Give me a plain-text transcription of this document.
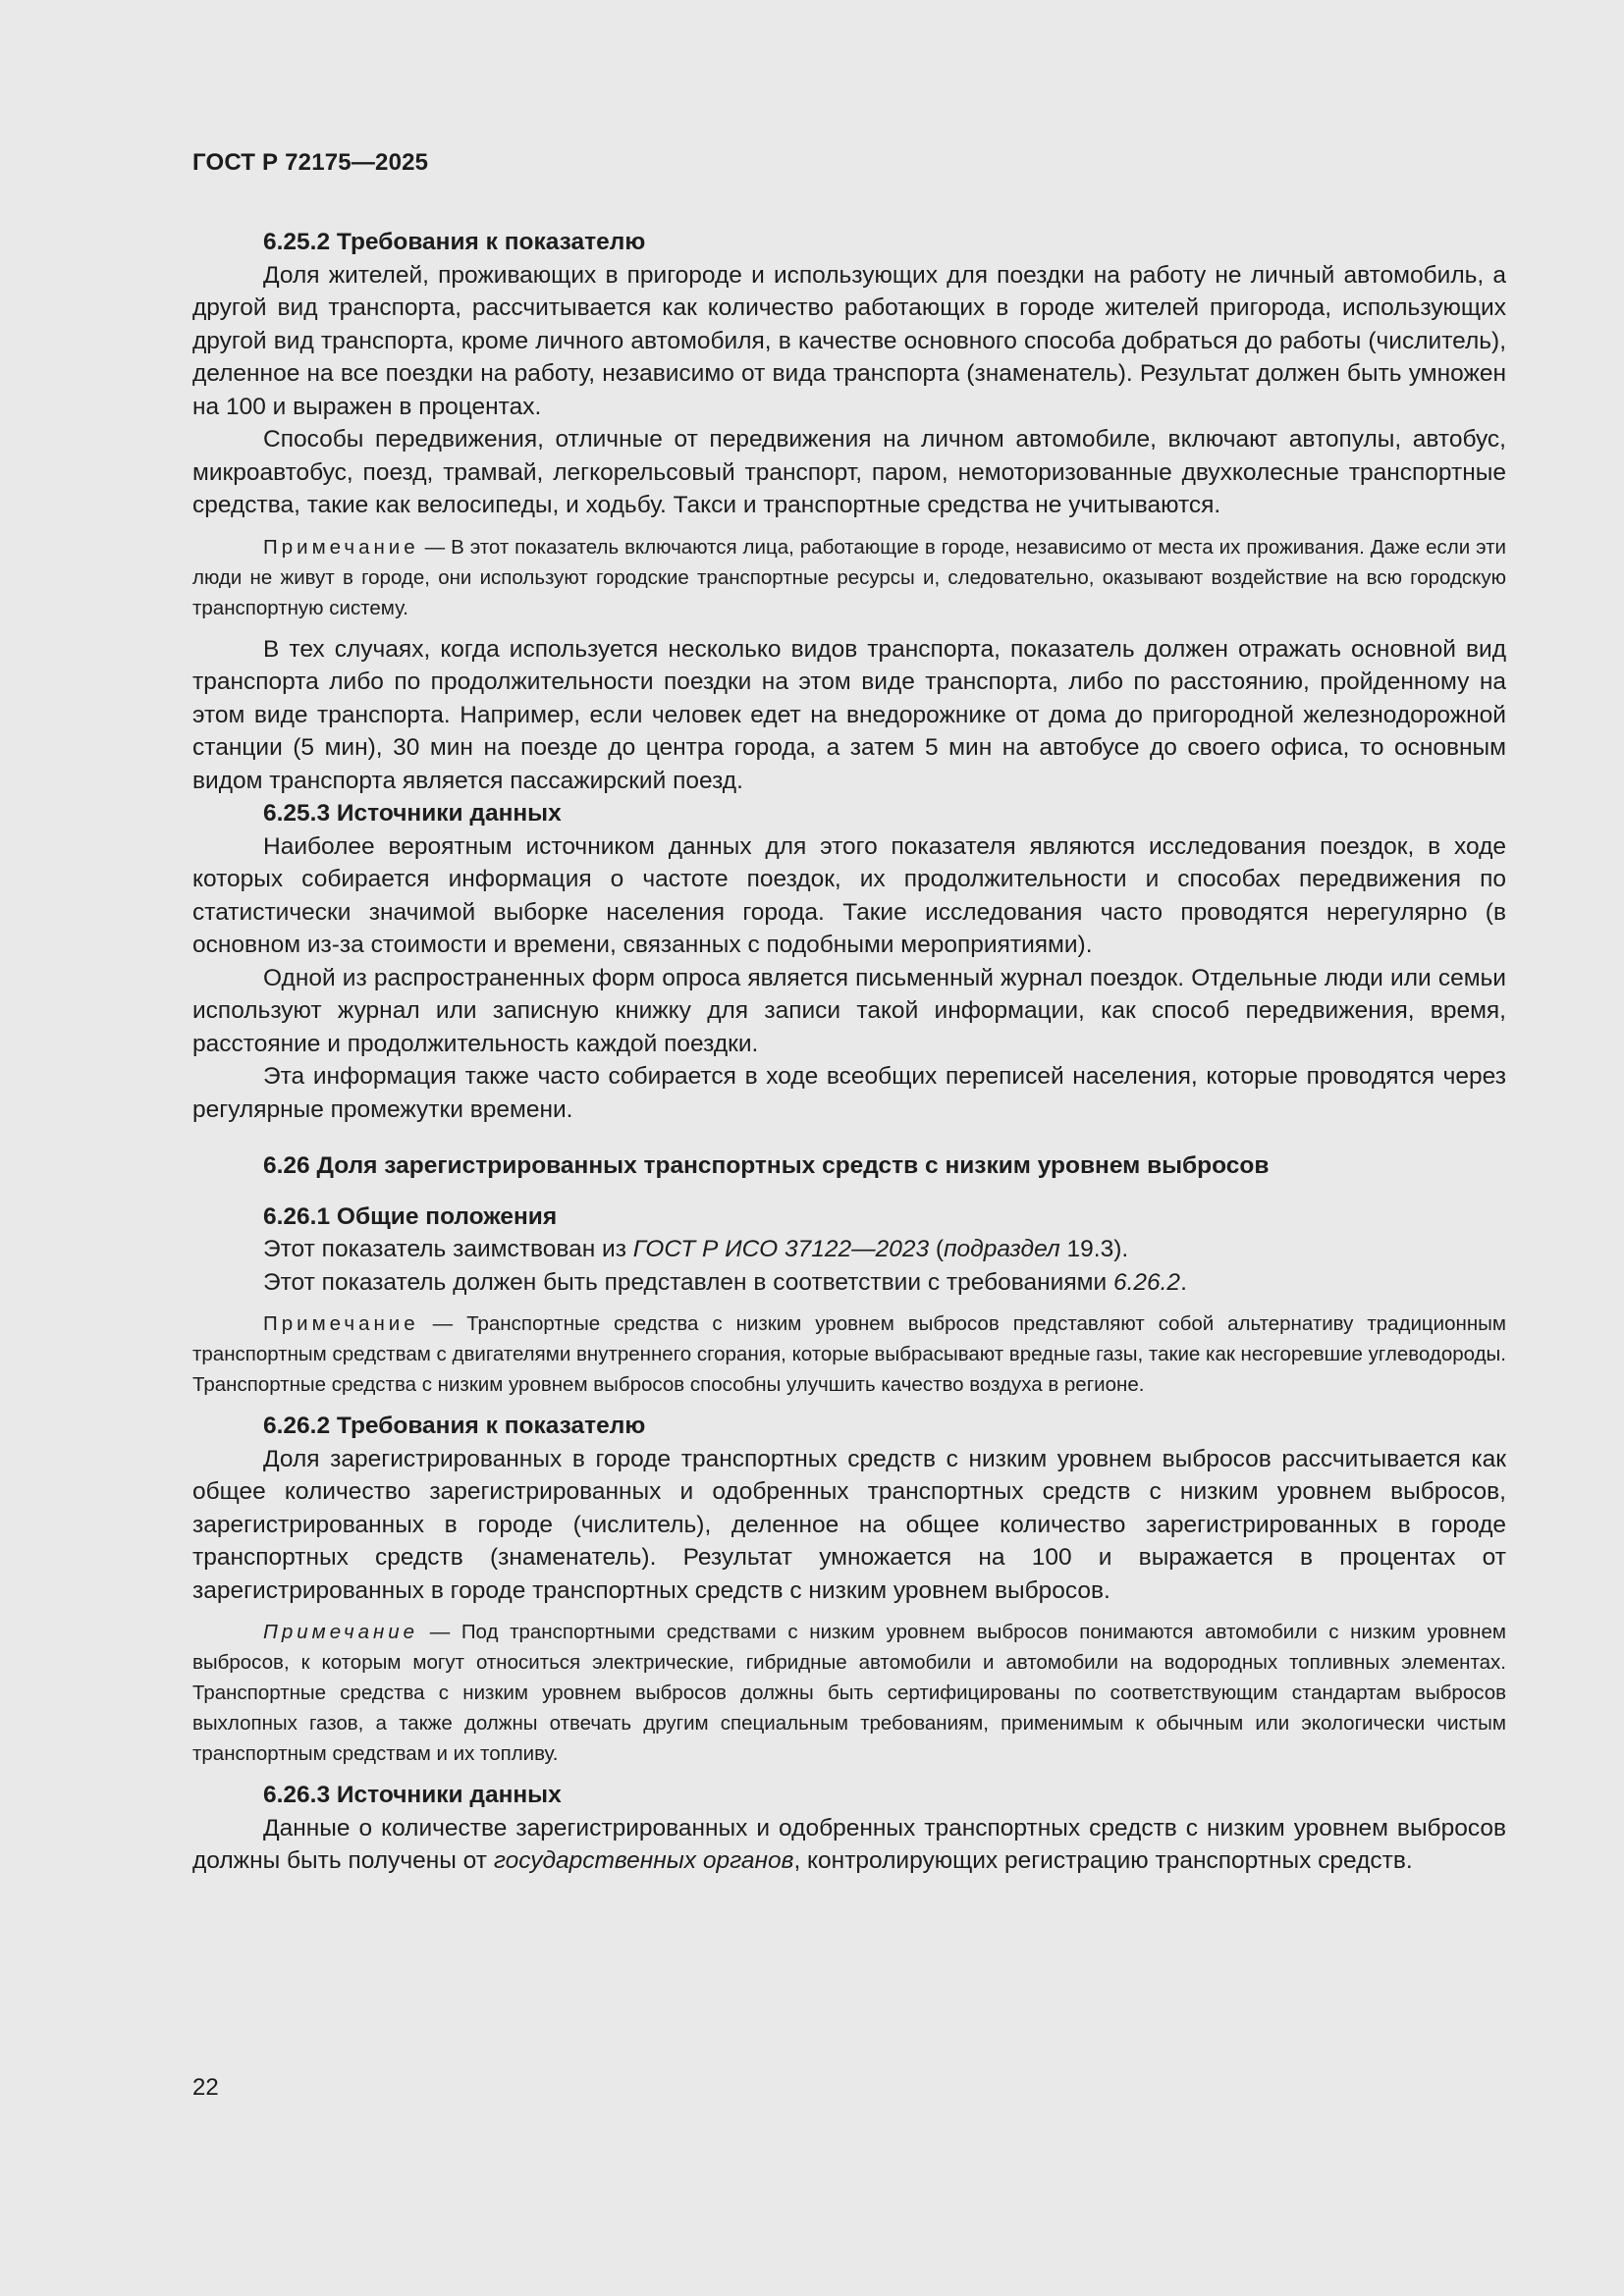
ГОСТ Р 72175—2025

6.25.2 Требования к показателю

Доля жителей, проживающих в пригороде и использующих для поездки на работу не личный автомобиль, а другой вид транспорта, рассчитывается как количество работающих в городе жителей пригорода, использующих другой вид транспорта, кроме личного автомобиля, в качестве основного способа добраться до работы (числитель), деленное на все поездки на работу, независимо от вида транспорта (знаменатель). Результат должен быть умножен на 100 и выражен в процентах.

Способы передвижения, отличные от передвижения на личном автомобиле, включают автопулы, автобус, микроавтобус, поезд, трамвай, легкорельсовый транспорт, паром, немоторизованные двухколесные транспортные средства, такие как велосипеды, и ходьбу. Такси и транспортные средства не учитываются.

Примечание — В этот показатель включаются лица, работающие в городе, независимо от места их проживания. Даже если эти люди не живут в городе, они используют городские транспортные ресурсы и, следовательно, оказывают воздействие на всю городскую транспортную систему.

В тех случаях, когда используется несколько видов транспорта, показатель должен отражать основной вид транспорта либо по продолжительности поездки на этом виде транспорта, либо по расстоянию, пройденному на этом виде транспорта. Например, если человек едет на внедорожнике от дома до пригородной железнодорожной станции (5 мин), 30 мин на поезде до центра города, а затем 5 мин на автобусе до своего офиса, то основным видом транспорта является пассажирский поезд.

6.25.3 Источники данных

Наиболее вероятным источником данных для этого показателя являются исследования поездок, в ходе которых собирается информация о частоте поездок, их продолжительности и способах передвижения по статистически значимой выборке населения города. Такие исследования часто проводятся нерегулярно (в основном из-за стоимости и времени, связанных с подобными мероприятиями).

Одной из распространенных форм опроса является письменный журнал поездок. Отдельные люди или семьи используют журнал или записную книжку для записи такой информации, как способ передвижения, время, расстояние и продолжительность каждой поездки.

Эта информация также часто собирается в ходе всеобщих переписей населения, которые проводятся через регулярные промежутки времени.

6.26 Доля зарегистрированных транспортных средств с низким уровнем выбросов

6.26.1 Общие положения

Этот показатель заимствован из ГОСТ Р ИСО 37122—2023 (подраздел 19.3).

Этот показатель должен быть представлен в соответствии с требованиями 6.26.2.

Примечание — Транспортные средства с низким уровнем выбросов представляют собой альтернативу традиционным транспортным средствам с двигателями внутреннего сгорания, которые выбрасывают вредные газы, такие как несгоревшие углеводороды. Транспортные средства с низким уровнем выбросов способны улучшить качество воздуха в регионе.

6.26.2 Требования к показателю

Доля зарегистрированных в городе транспортных средств с низким уровнем выбросов рассчитывается как общее количество зарегистрированных и одобренных транспортных средств с низким уровнем выбросов, зарегистрированных в городе (числитель), деленное на общее количество зарегистрированных в городе транспортных средств (знаменатель). Результат умножается на 100 и выражается в процентах от зарегистрированных в городе транспортных средств с низким уровнем выбросов.

Примечание — Под транспортными средствами с низким уровнем выбросов понимаются автомобили с низким уровнем выбросов, к которым могут относиться электрические, гибридные автомобили и автомобили на водородных топливных элементах. Транспортные средства с низким уровнем выбросов должны быть сертифицированы по соответствующим стандартам выбросов выхлопных газов, а также должны отвечать другим специальным требованиям, применимым к обычным или экологически чистым транспортным средствам и их топливу.

6.26.3 Источники данных

Данные о количестве зарегистрированных и одобренных транспортных средств с низким уровнем выбросов должны быть получены от государственных органов, контролирующих регистрацию транспортных средств.

22
